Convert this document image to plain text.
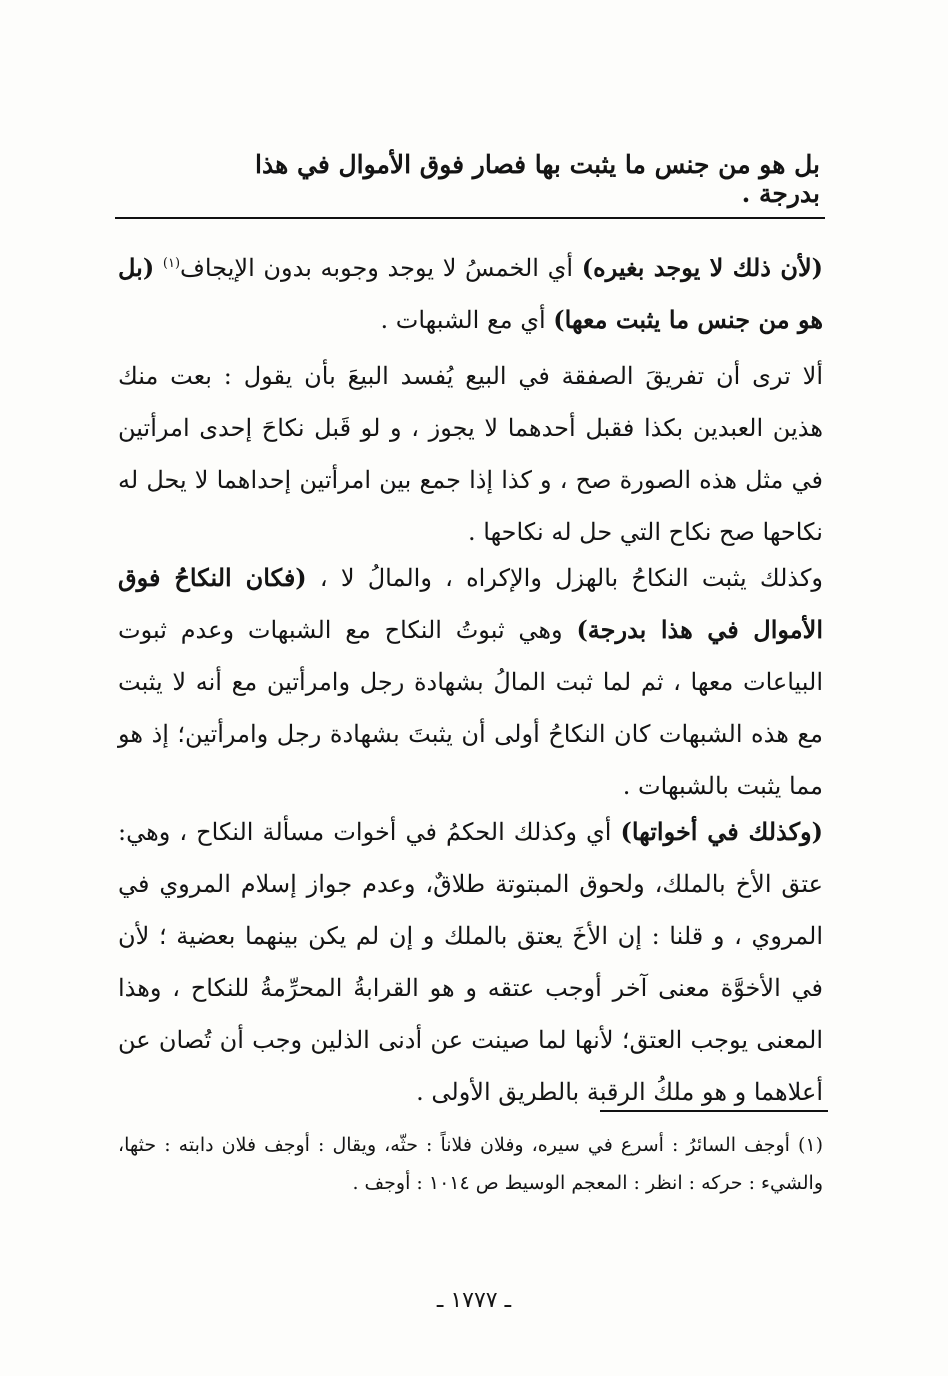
بل هو من جنس ما يثبت بها فصار فوق الأموال في هذا بدرجة .
(لأن ذلك لا يوجد بغيره) أي الخمسُ لا يوجد وجوبه بدون الإيجاف$^{(١)}$ (بل هو من جنس ما يثبت معها) أي مع الشبهات .
ألا ترى أن تفريقَ الصفقة في البيع يُفسد البيعَ بأن يقول : بعت منك هذين العبدين بكذا فقبل أحدهما لا يجوز ، و لو قَبل نكاحَ إحدى امرأتين في مثل هذه الصورة صح ، و كذا إذا جمع بين امرأتين إحداهما لا يحل له نكاحها صح نكاح التي حل له نكاحها .
وكذلك يثبت النكاحُ بالهزل والإكراه ، والمالُ لا ، (فكان النكاحُ فوق الأموال في هذا بدرجة) وهي ثبوتُ النكاح مع الشبهات وعدم ثبوت البياعات معها ، ثم لما ثبت المالُ بشهادة رجل وامرأتين مع أنه لا يثبت مع هذه الشبهات كان النكاحُ أولى أن يثبتَ بشهادة رجل وامرأتين؛ إذ هو مما يثبت بالشبهات .
(وكذلك في أخواتها) أي وكذلك الحكمُ في أخوات مسألة النكاح ، وهي: عتق الأخ بالملك، ولحوق المبتوتة طلاقٌ، وعدم جواز إسلام المروي في المروي ، و قلنا : إن الأخَ يعتق بالملك و إن لم يكن بينهما بعضية ؛ لأن في الأخوَّة معنى آخر أوجب عتقه و هو القرابةُ المحرِّمةُ للنكاح ، وهذا المعنى يوجب العتق؛ لأنها لما صينت عن أدنى الذلين وجب أن تُصان عن أعلاهما و هو ملكُ الرقبة بالطريق الأولى .
(١) أوجف السائرُ : أسرع في سيره، وفلان فلاناً : حثّه، ويقال : أوجف فلان دابته : حثها، والشيء : حركه : انظر : المعجم الوسيط ص ١٠١٤ : أوجف .
ـ ١٧٧٧ ـ
